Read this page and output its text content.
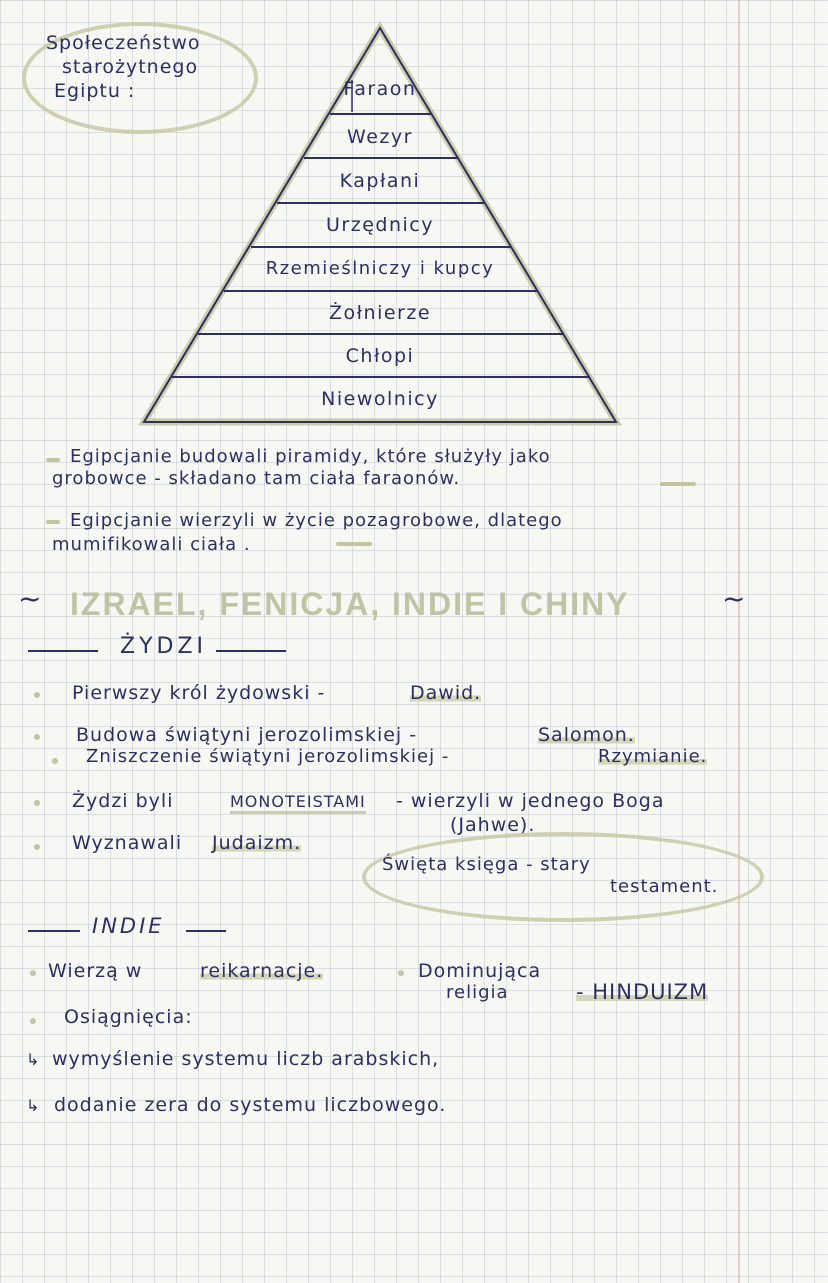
Społeczeństwo
starożytnego
Egiptu :	Faraon
Wezyr
Kapłani
Urzędnicy
Rzemieślniczy i kupcy
Żołnierze
Chłopi
Niewolnicy
Egipcjanie budowali piramidy, które służyły jako
grobowce - składano tam ciała faraonów.
Egipcjanie wierzyli w życie pozagrobowe, dlatego
mumifikowali ciała .
~ IZRAEL, FENICJA, INDIE I CHINY	~
ŻYDZI
Pierwszy król żydowski -	Dawid.
Budowa świątyni jerozolimskiej -	Salomon.
Zniszczenie świątyni jerozolimskiej -	Rzymianie.
Żydzi byli	MONOTEISTAMI - wierzyli w jednego Boga
(Jahwe).
Wyznawali Judaizm.
Święta księga - stary
testament.
INDIE
Wierzą w	reikarnacje.	Dominująca
religia	- HINDUIZM
Osiągnięcia:
↳ wymyślenie systemu liczb arabskich,
↳ dodanie zera do systemu liczbowego.
